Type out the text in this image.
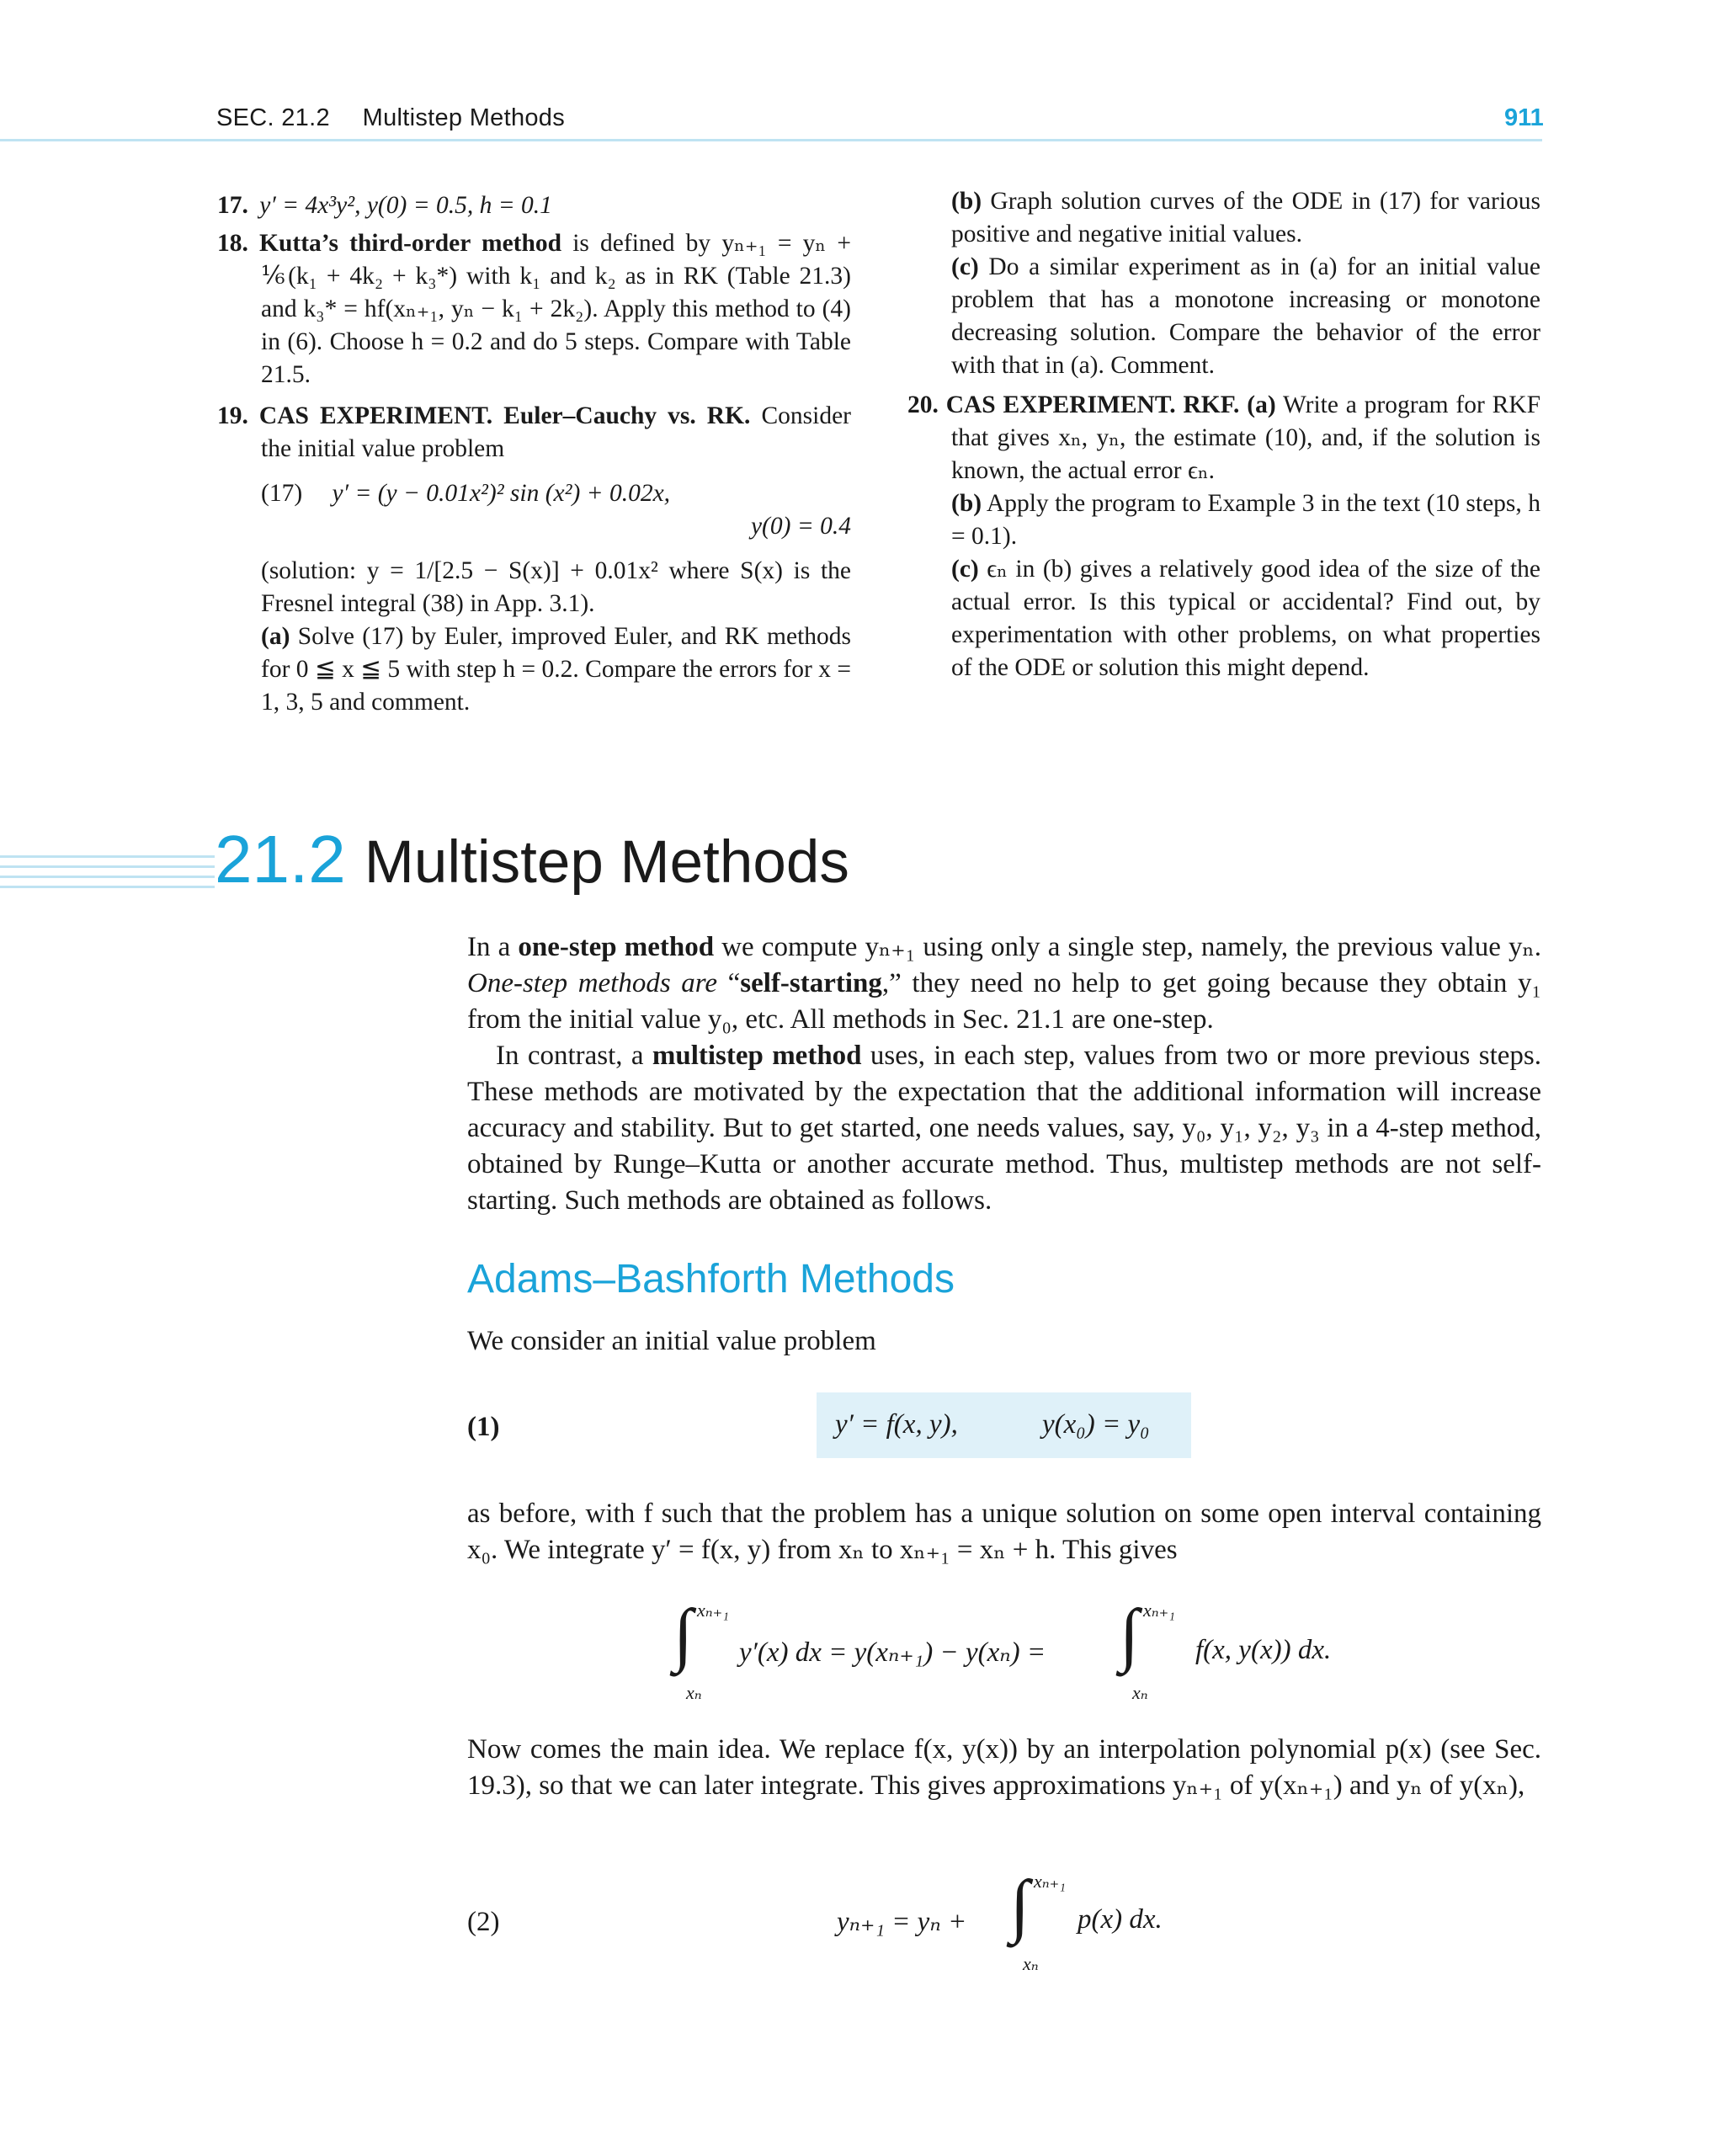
SEC. 21.2 Multistep Methods	911

17. y′ = 4x³y², y(0) = 0.5, h = 0.1

18. Kutta’s third-order method is defined by yₙ₊₁ = yₙ + ⅙(k₁ + 4k₂ + k₃*) with k₁ and k₂ as in RK (Table 21.3) and k₃* = hf(xₙ₊₁, yₙ − k₁ + 2k₂). Apply this method to (4) in (6). Choose h = 0.2 and do 5 steps. Compare with Table 21.5.

19. CAS EXPERIMENT. Euler–Cauchy vs. RK. Consider the initial value problem

(17) y′ = (y − 0.01x²)² sin (x²) + 0.02x,
y(0) = 0.4

(solution: y = 1/[2.5 − S(x)] + 0.01x² where S(x) is the Fresnel integral (38) in App. 3.1).

(a) Solve (17) by Euler, improved Euler, and RK methods for 0 ≦ x ≦ 5 with step h = 0.2. Compare the errors for x = 1, 3, 5 and comment.

(b) Graph solution curves of the ODE in (17) for various positive and negative initial values.

(c) Do a similar experiment as in (a) for an initial value problem that has a monotone increasing or monotone decreasing solution. Compare the behavior of the error with that in (a). Comment.

20. CAS EXPERIMENT. RKF. (a) Write a program for RKF that gives xₙ, yₙ, the estimate (10), and, if the solution is known, the actual error ϵₙ.

(b) Apply the program to Example 3 in the text (10 steps, h = 0.1).

(c) ϵₙ in (b) gives a relatively good idea of the size of the actual error. Is this typical or accidental? Find out, by experimentation with other problems, on what properties of the ODE or solution this might depend.

21.2 Multistep Methods

In a one-step method we compute yₙ₊₁ using only a single step, namely, the previous value yₙ. One-step methods are “self-starting,” they need no help to get going because they obtain y₁ from the initial value y₀, etc. All methods in Sec. 21.1 are one-step.

In contrast, a multistep method uses, in each step, values from two or more previous steps. These methods are motivated by the expectation that the additional information will increase accuracy and stability. But to get started, one needs values, say, y₀, y₁, y₂, y₃ in a 4-step method, obtained by Runge–Kutta or another accurate method. Thus, multistep methods are not self-starting. Such methods are obtained as follows.

Adams–Bashforth Methods
We consider an initial value problem
(1)	y′ = f(x, y),	y(x₀) = y₀
as before, with f such that the problem has a unique solution on some open interval containing x₀. We integrate y′ = f(x, y) from xₙ to xₙ₊₁ = xₙ + h. This gives
∫ xₙ₊₁
xₙ
y′(x) dx = y(xₙ₊₁) − y(xₙ) = ∫ xₙ₊₁
xₙ
f(x, y(x)) dx.
Now comes the main idea. We replace f(x, y(x)) by an interpolation polynomial p(x) (see Sec. 19.3), so that we can later integrate. This gives approximations yₙ₊₁ of y(xₙ₊₁) and yₙ of y(xₙ),
(2)	yₙ₊₁ = yₙ + ∫ xₙ₊₁
xₙ
p(x) dx.
